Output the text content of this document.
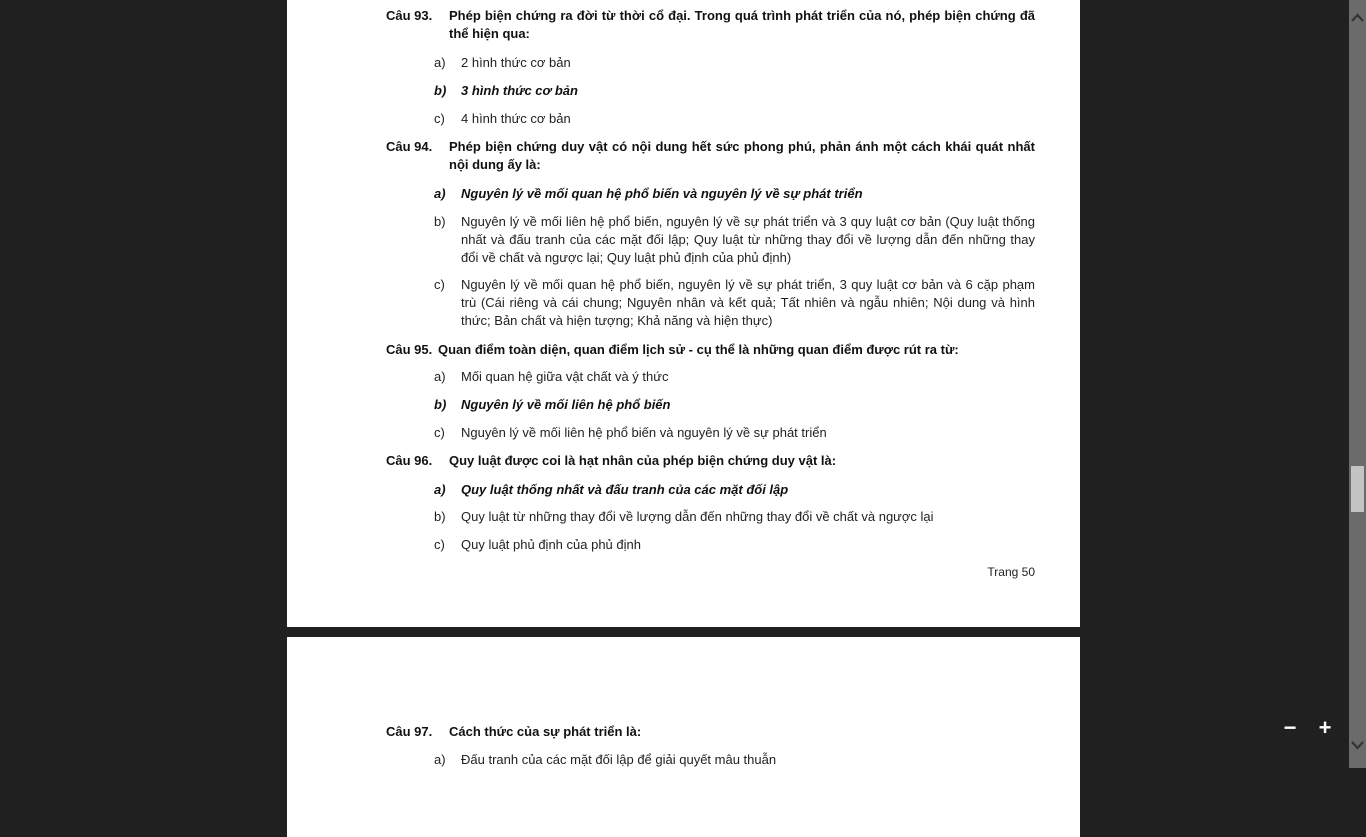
Câu 93.	Phép biện chứng ra đời từ thời cổ đại. Trong quá trình phát triển của nó, phép biện chứng đã thể hiện qua:
a)	2 hình thức cơ bản
b)	3 hình thức cơ bản
c)	4 hình thức cơ bản
Câu 94.	Phép biện chứng duy vật có nội dung hết sức phong phú, phản ánh một cách khái quát nhất nội dung ấy là:
a)	Nguyên lý về mối quan hệ phổ biến và nguyên lý về sự phát triển
b)	Nguyên lý về mối liên hệ phổ biến, nguyên lý về sự phát triển và 3 quy luật cơ bản (Quy luật thống nhất và đấu tranh của các mặt đối lập; Quy luật từ những thay đổi về lượng dẫn đến những thay đổi về chất và ngược lại; Quy luật phủ định của phủ định)
c)	Nguyên lý về mối quan hệ phổ biến, nguyên lý về sự phát triển, 3 quy luật cơ bản và 6 cặp phạm trù (Cái riêng và cái chung; Nguyên nhân và kết quả; Tất nhiên và ngẫu nhiên; Nội dung và hình thức; Bản chất và hiện tượng; Khả năng và hiện thực)
Câu 95. Quan điểm toàn diện, quan điểm lịch sử - cụ thể là những quan điểm được rút ra từ:
a)	Mối quan hệ giữa vật chất và ý thức
b)	Nguyên lý về mối liên hệ phổ biến
c)	Nguyên lý về mối liên hệ phổ biến và nguyên lý về sự phát triển
Câu 96.	Quy luật được coi là hạt nhân của phép biện chứng duy vật là:
a)	Quy luật thống nhất và đấu tranh của các mặt đối lập
b)	Quy luật từ những thay đổi về lượng dẫn đến những thay đổi về chất và ngược lại
c)	Quy luật phủ định của phủ định
Trang 50
Câu 97.	Cách thức của sự phát triển là:
a)	Đấu tranh của các mặt đối lập để giải quyết mâu thuẫn
− +
